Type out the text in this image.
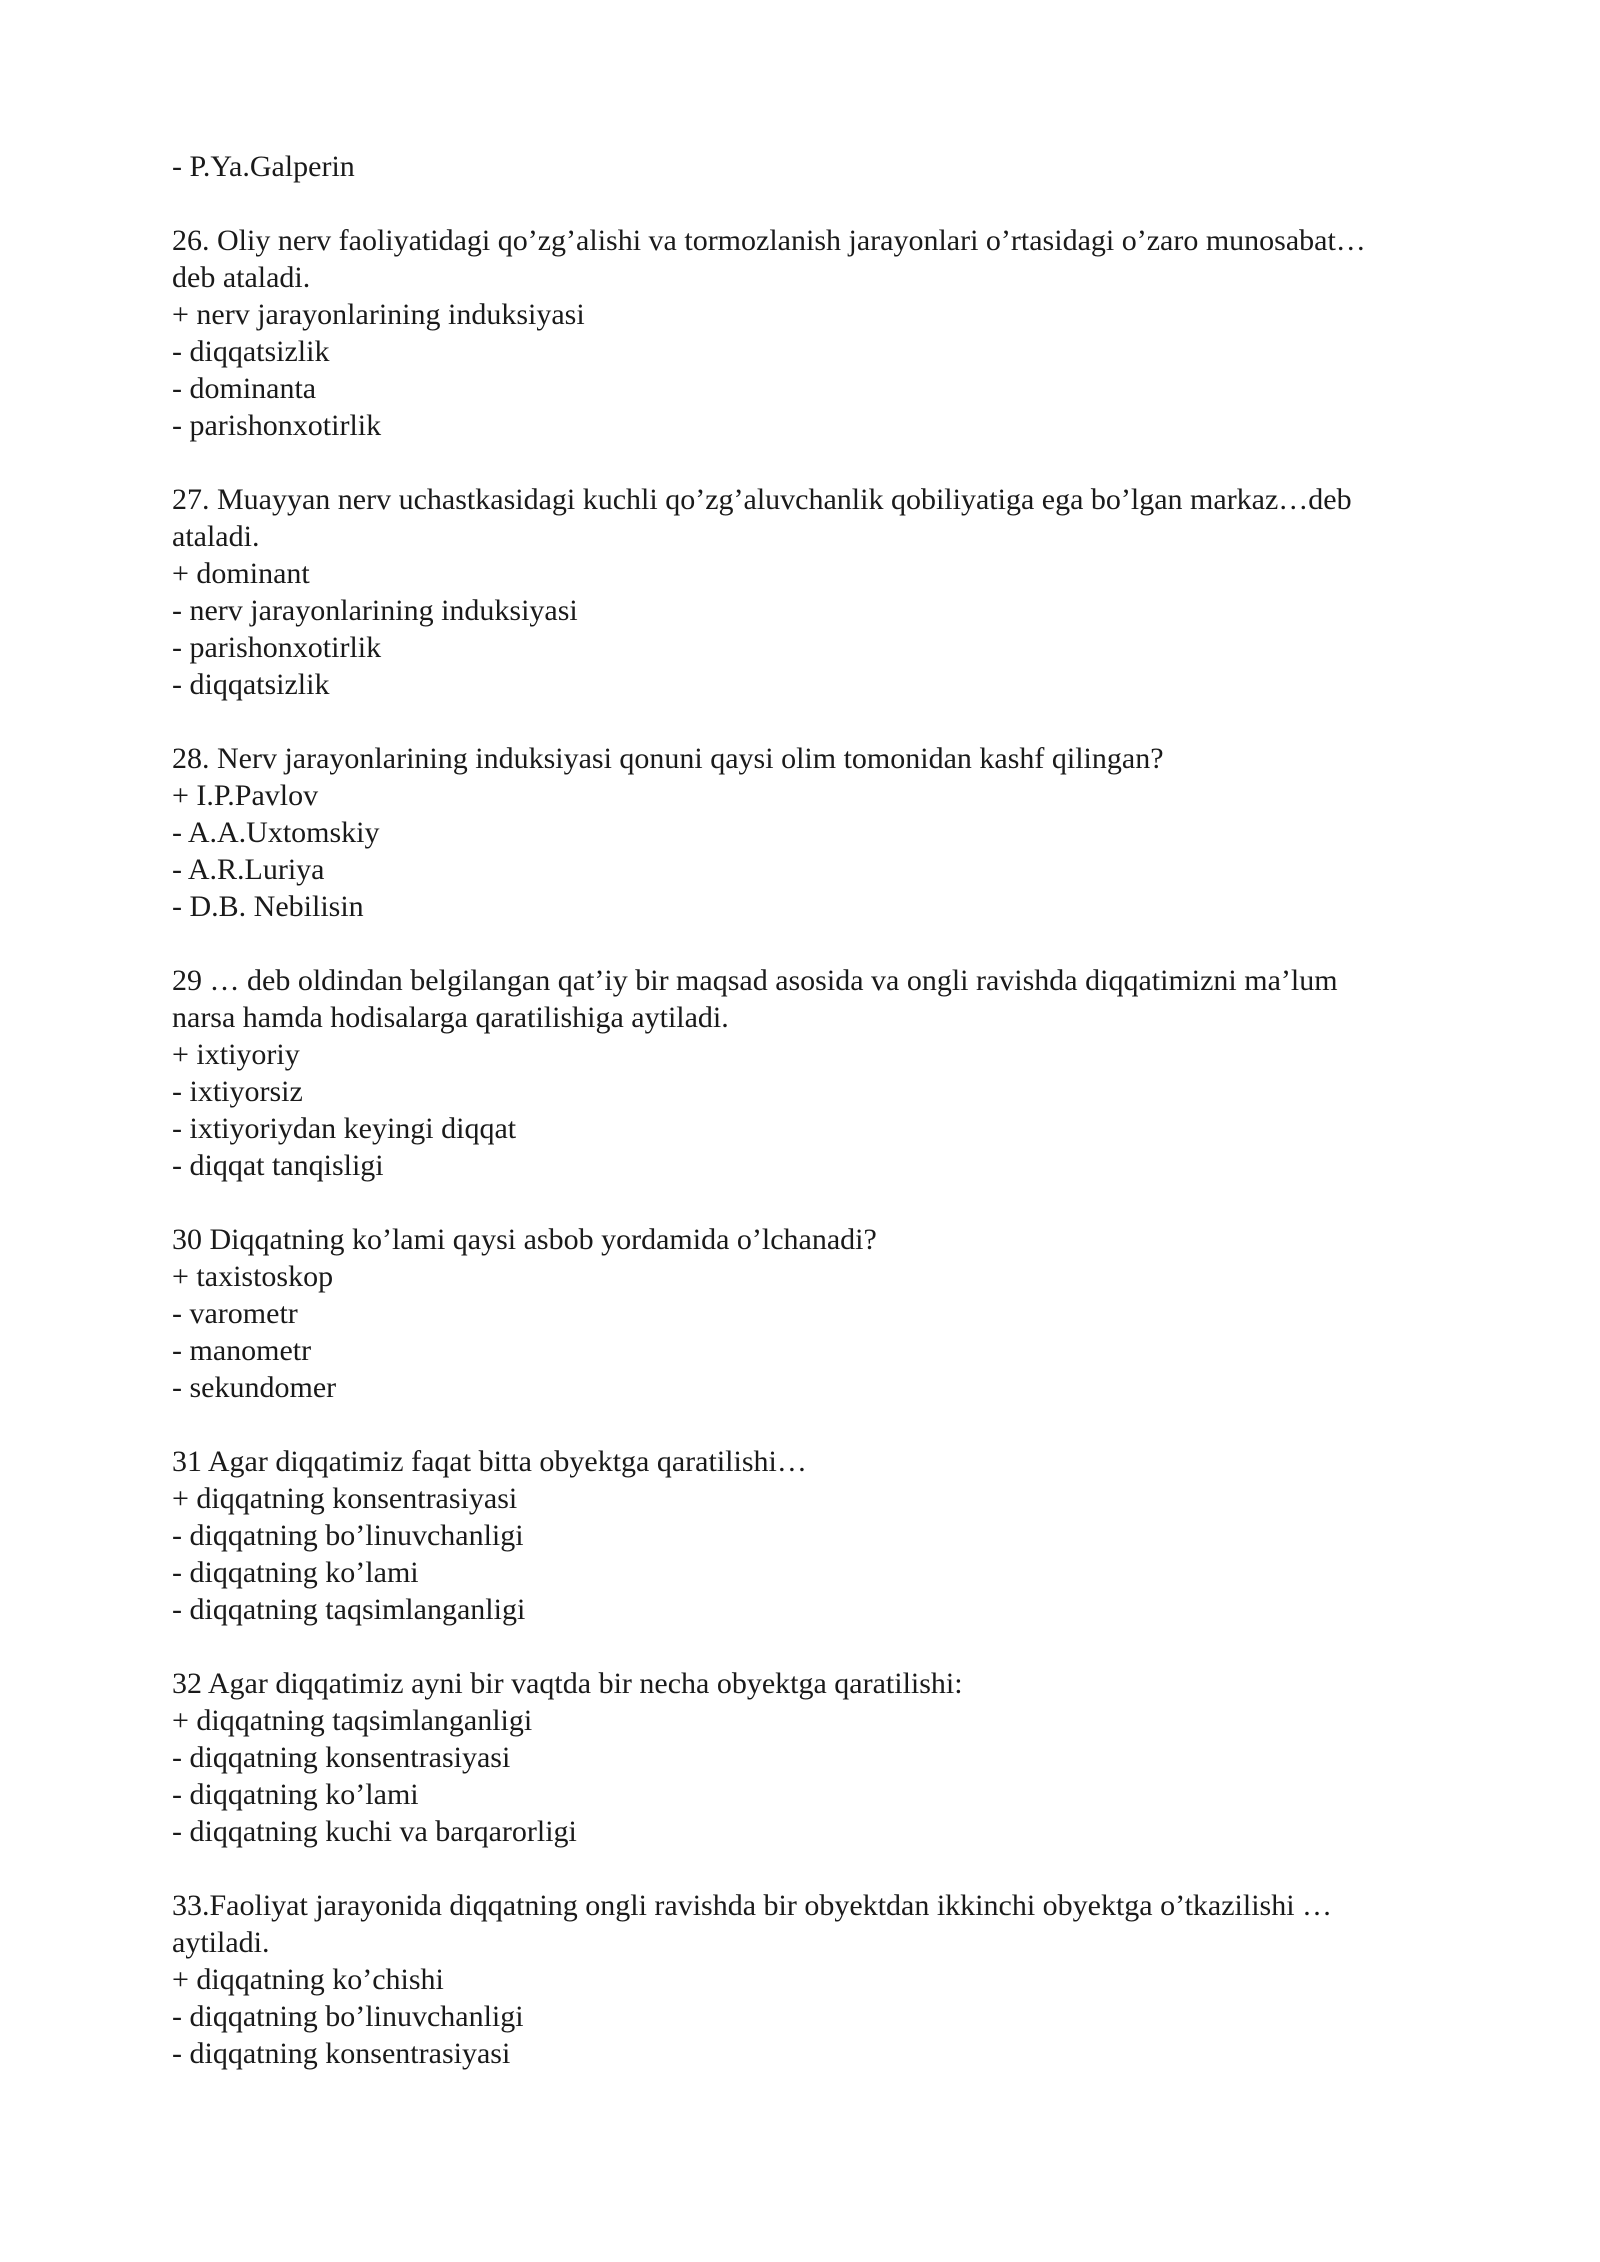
- P.Ya.Galperin

26. Oliy nerv faoliyatidagi qo’zg’alishi va tormozlanish jarayonlari o’rtasidagi o’zaro munosabat…

deb ataladi.

+ nerv jarayonlarining induksiyasi
- diqqatsizlik
- dominanta
- parishonxotirlik

27. Muayyan nerv uchastkasidagi kuchli qo’zg’aluvchanlik qobiliyatiga ega bo’lgan markaz…deb

ataladi.

+ dominant
- nerv jarayonlarining induksiyasi
- parishonxotirlik
- diqqatsizlik

28. Nerv jarayonlarining induksiyasi qonuni qaysi olim tomonidan kashf qilingan?

+ I.P.Pavlov
- A.A.Uxtomskiy
- A.R.Luriya
- D.B. Nebilisin

29 … deb oldindan belgilangan qat’iy bir maqsad asosida va ongli ravishda diqqatimizni ma’lum

narsa hamda hodisalarga qaratilishiga aytiladi.

+ ixtiyoriy
- ixtiyorsiz
- ixtiyoriydan keyingi diqqat
- diqqat tanqisligi

30 Diqqatning ko’lami qaysi asbob yordamida o’lchanadi?

+ taxistoskop
- varometr
- manometr
- sekundomer

31 Agar diqqatimiz faqat bitta obyektga qaratilishi…

+ diqqatning konsentrasiyasi
- diqqatning bo’linuvchanligi
- diqqatning ko’lami
- diqqatning taqsimlanganligi

32 Agar diqqatimiz ayni bir vaqtda bir necha obyektga qaratilishi:

+ diqqatning taqsimlanganligi
- diqqatning konsentrasiyasi
- diqqatning ko’lami
- diqqatning kuchi va barqarorligi

33.Faoliyat jarayonida diqqatning ongli ravishda bir obyektdan ikkinchi obyektga o’tkazilishi …

aytiladi.

+ diqqatning ko’chishi
- diqqatning bo’linuvchanligi
- diqqatning konsentrasiyasi
